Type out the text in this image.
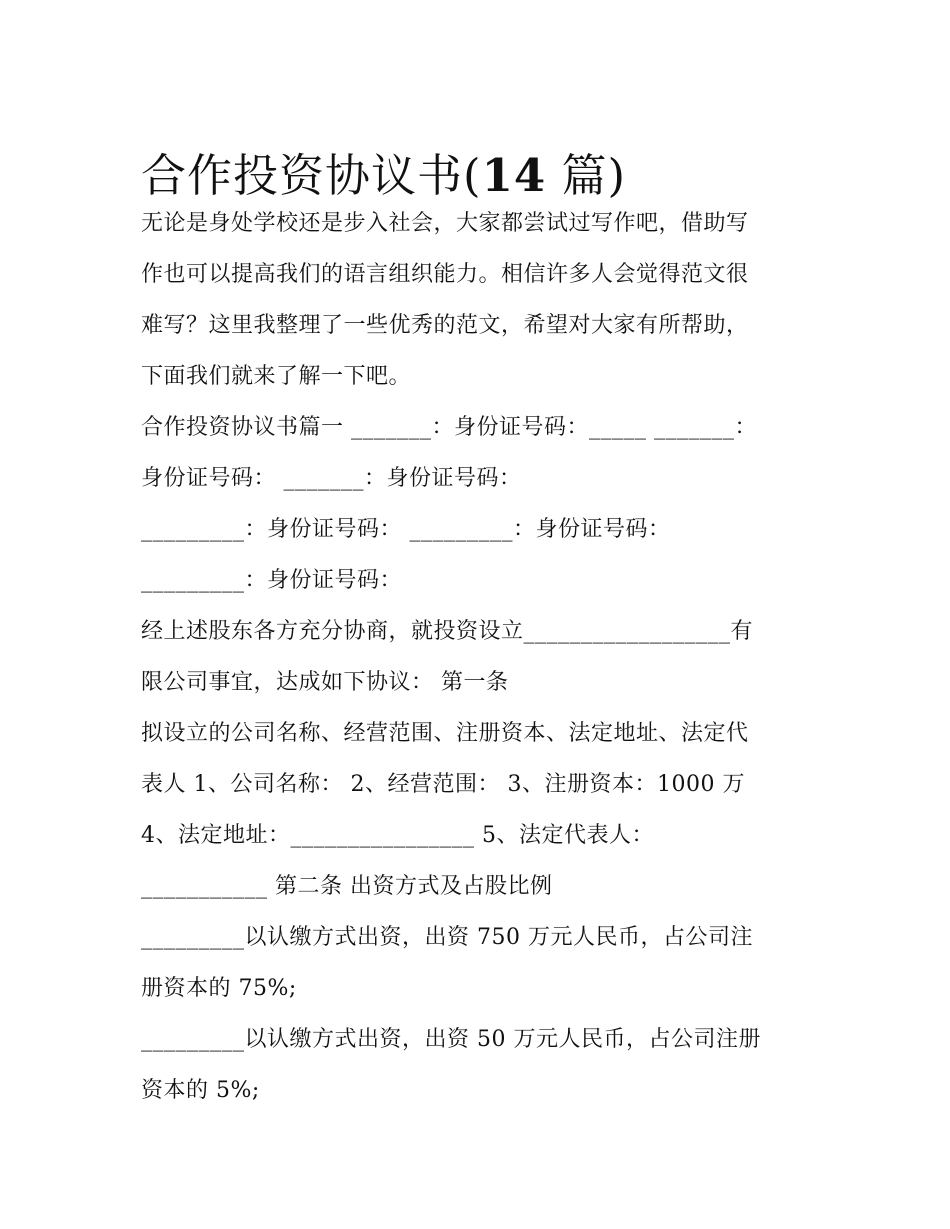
合作投资协议书(14 篇)
无论是身处学校还是步入社会，大家都尝试过写作吧，借助写
作也可以提高我们的语言组织能力。相信许多人会觉得范文很
难写？这里我整理了一些优秀的范文，希望对大家有所帮助，
下面我们就来了解一下吧。
合作投资协议书篇一 _______：身份证号码：_____ _______：
身份证号码： _______：身份证号码：
_________：身份证号码： _________：身份证号码：
_________：身份证号码：
经上述股东各方充分协商，就投资设立__________________有
限公司事宜，达成如下协议： 第一条
拟设立的公司名称、经营范围、注册资本、法定地址、法定代
表人 1、公司名称： 2、经营范围： 3、注册资本：1000 万
4、法定地址：________________ 5、法定代表人：
___________ 第二条 出资方式及占股比例
_________以认缴方式出资，出资 750 万元人民币，占公司注
册资本的 75%;
_________以认缴方式出资，出资 50 万元人民币，占公司注册
资本的 5%;
